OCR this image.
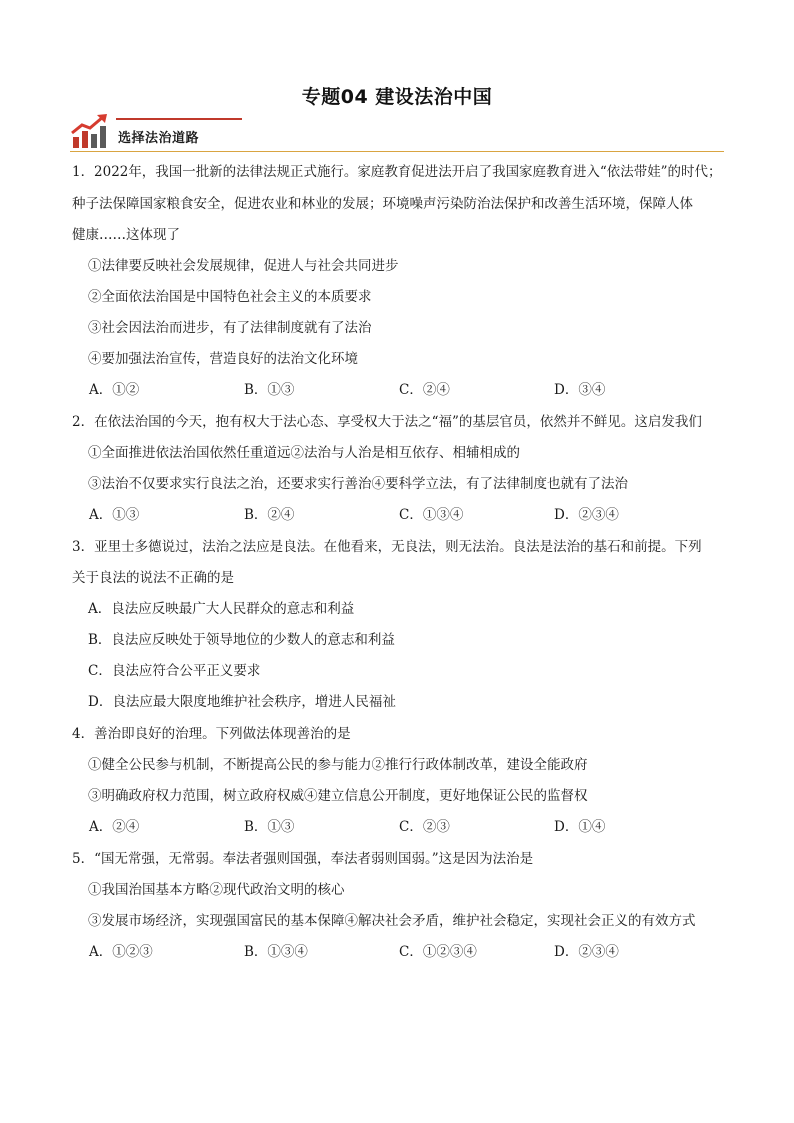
专题04 建设法治中国
选择法治道路
1．2022年，我国一批新的法律法规正式施行。家庭教育促进法开启了我国家庭教育进入“依法带娃”的时代；
种子法保障国家粮食安全，促进农业和林业的发展；环境噪声污染防治法保护和改善生活环境，保障人体
健康……这体现了
①法律要反映社会发展规律，促进人与社会共同进步
②全面依法治国是中国特色社会主义的本质要求
③社会因法治而进步，有了法律制度就有了法治
④要加强法治宣传，营造良好的法治文化环境
A．①②	B．①③	C．②④	D．③④
2．在依法治国的今天，抱有权大于法心态、享受权大于法之“福”的基层官员，依然并不鲜见。这启发我们
①全面推进依法治国依然任重道远②法治与人治是相互依存、相辅相成的
③法治不仅要求实行良法之治，还要求实行善治④要科学立法，有了法律制度也就有了法治
A．①③	B．②④	C．①③④	D．②③④
3．亚里士多德说过，法治之法应是良法。在他看来，无良法，则无法治。良法是法治的基石和前提。下列
关于良法的说法不正确的是
A．良法应反映最广大人民群众的意志和利益
B．良法应反映处于领导地位的少数人的意志和利益
C．良法应符合公平正义要求
D．良法应最大限度地维护社会秩序，增进人民福祉
4．善治即良好的治理。下列做法体现善治的是
①健全公民参与机制，不断提高公民的参与能力②推行行政体制改革，建设全能政府
③明确政府权力范围，树立政府权威④建立信息公开制度，更好地保证公民的监督权
A．②④	B．①③	C．②③	D．①④
5．“国无常强，无常弱。奉法者强则国强，奉法者弱则国弱。”这是因为法治是
①我国治国基本方略②现代政治文明的核心
③发展市场经济，实现强国富民的基本保障④解决社会矛盾，维护社会稳定，实现社会正义的有效方式
A．①②③	B．①③④	C．①②③④	D．②③④
